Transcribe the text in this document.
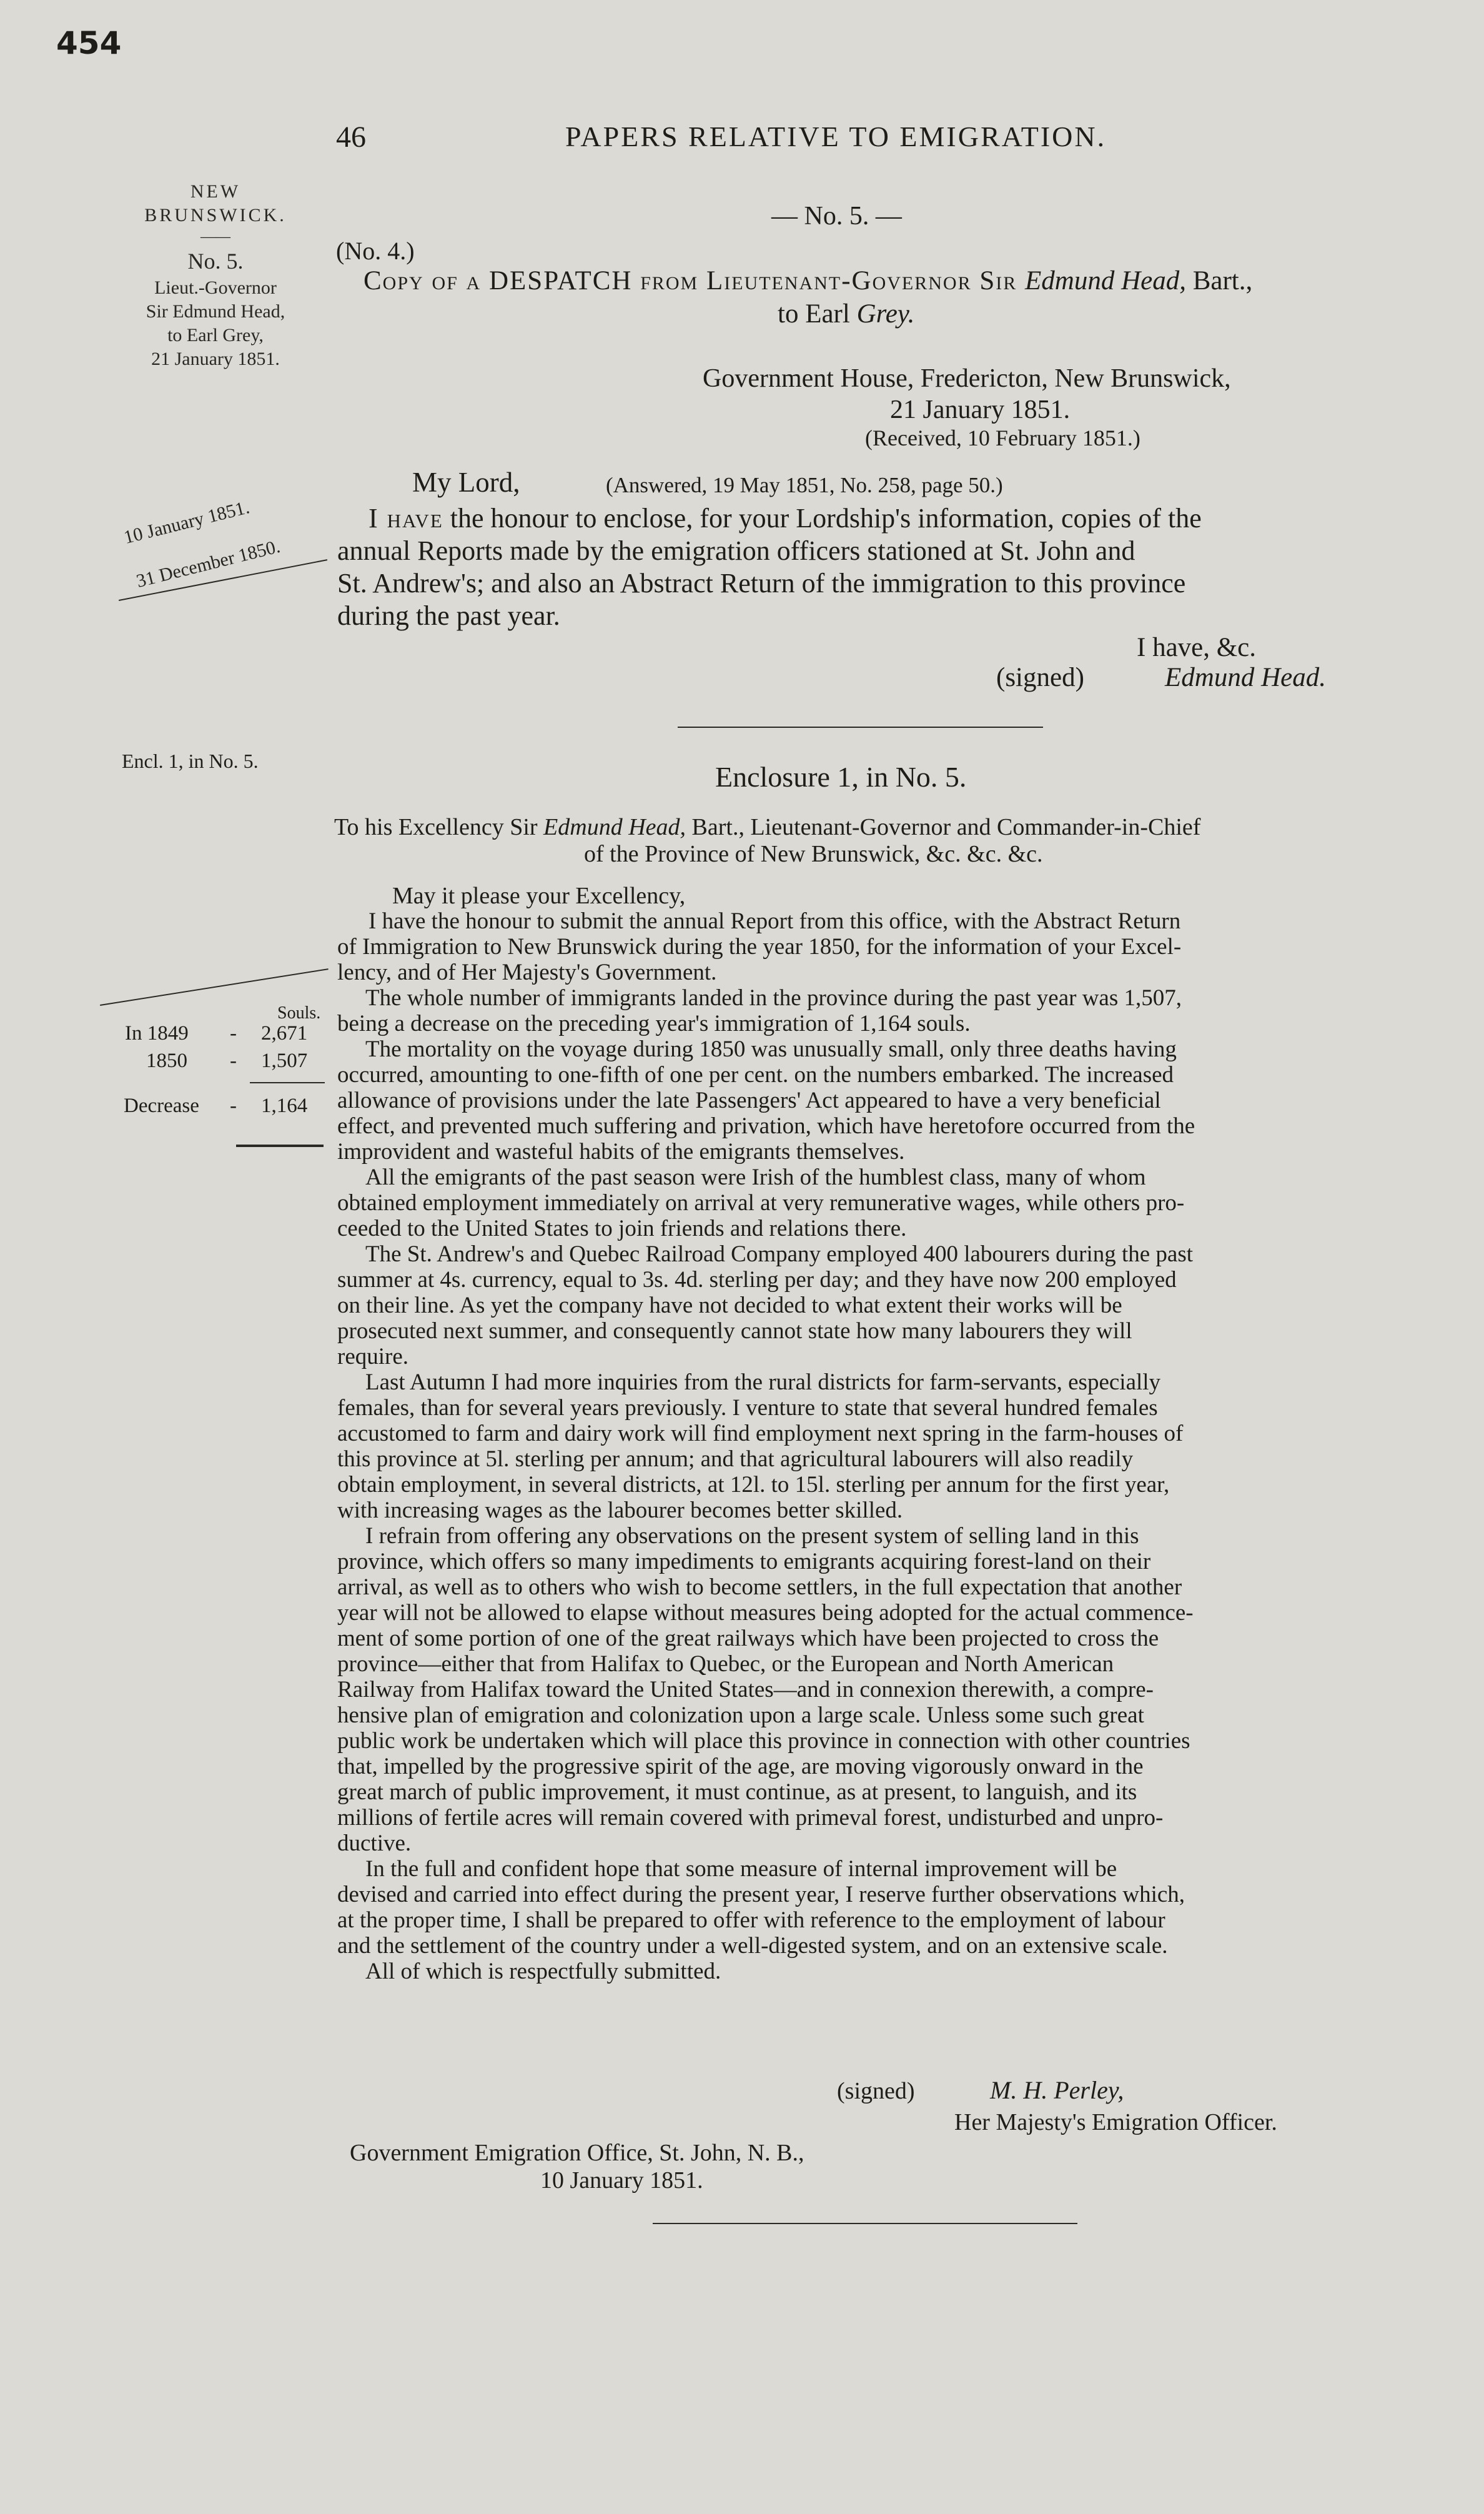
454
46	PAPERS RELATIVE TO EMIGRATION.
NEW
BRUNSWICK.
——
No. 5.
Lieut.-Governor
Sir Edmund Head,
to Earl Grey,
21 January 1851.
— No. 5. —
(No. 4.)
Copy of a DESPATCH from Lieutenant-Governor Sir Edmund Head, Bart.,
to Earl Grey.
Government House, Fredericton, New Brunswick,
21 January 1851.
(Received, 10 February 1851.)
My Lord,	(Answered, 19 May 1851, No. 258, page 50.)
I have the honour to enclose, for your Lordship's information, copies of the
annual Reports made by the emigration officers stationed at St. John and
St. Andrew's; and also an Abstract Return of the immigration to this province
during the past year.
I have, &c.
(signed)	Edmund Head.
10 January 1851.
31 December 1850.
Encl. 1, in No. 5.	Enclosure 1, in No. 5.
To his Excellency Sir Edmund Head, Bart., Lieutenant-Governor and Commander-in-Chief
of the Province of New Brunswick, &c. &c. &c.
May it please your Excellency,
I have the honour to submit the annual Report from this office, with the Abstract Return
of Immigration to New Brunswick during the year 1850, for the information of your Excel-
lency, and of Her Majesty's Government.
The whole number of immigrants landed in the province during the past year was 1,507,
being a decrease on the preceding year's immigration of 1,164 souls.
The mortality on the voyage during 1850 was unusually small, only three deaths having
occurred, amounting to one-fifth of one per cent. on the numbers embarked. The increased
allowance of provisions under the late Passengers' Act appeared to have a very beneficial
effect, and prevented much suffering and privation, which have heretofore occurred from the
improvident and wasteful habits of the emigrants themselves.
All the emigrants of the past season were Irish of the humblest class, many of whom
obtained employment immediately on arrival at very remunerative wages, while others pro-
ceeded to the United States to join friends and relations there.
The St. Andrew's and Quebec Railroad Company employed 400 labourers during the past
summer at 4s. currency, equal to 3s. 4d. sterling per day; and they have now 200 employed
on their line. As yet the company have not decided to what extent their works will be
prosecuted next summer, and consequently cannot state how many labourers they will
require.
Last Autumn I had more inquiries from the rural districts for farm-servants, especially
females, than for several years previously. I venture to state that several hundred females
accustomed to farm and dairy work will find employment next spring in the farm-houses of
this province at 5l. sterling per annum; and that agricultural labourers will also readily
obtain employment, in several districts, at 12l. to 15l. sterling per annum for the first year,
with increasing wages as the labourer becomes better skilled.
I refrain from offering any observations on the present system of selling land in this
province, which offers so many impediments to emigrants acquiring forest-land on their
arrival, as well as to others who wish to become settlers, in the full expectation that another
year will not be allowed to elapse without measures being adopted for the actual commence-
ment of some portion of one of the great railways which have been projected to cross the
province—either that from Halifax to Quebec, or the European and North American
Railway from Halifax toward the United States—and in connexion therewith, a compre-
hensive plan of emigration and colonization upon a large scale. Unless some such great
public work be undertaken which will place this province in connection with other countries
that, impelled by the progressive spirit of the age, are moving vigorously onward in the
great march of public improvement, it must continue, as at present, to languish, and its
millions of fertile acres will remain covered with primeval forest, undisturbed and unpro-
ductive.
In the full and confident hope that some measure of internal improvement will be
devised and carried into effect during the present year, I reserve further observations which,
at the proper time, I shall be prepared to offer with reference to the employment of labour
and the settlement of the country under a well-digested system, and on an extensive scale.
All of which is respectfully submitted.
(signed)	M. H. Perley,
Her Majesty's Emigration Officer.
Government Emigration Office, St. John, N. B.,
10 January 1851.
Souls.
In 1849 - 2,671
1850 - 1,507
Decrease - 1,164
